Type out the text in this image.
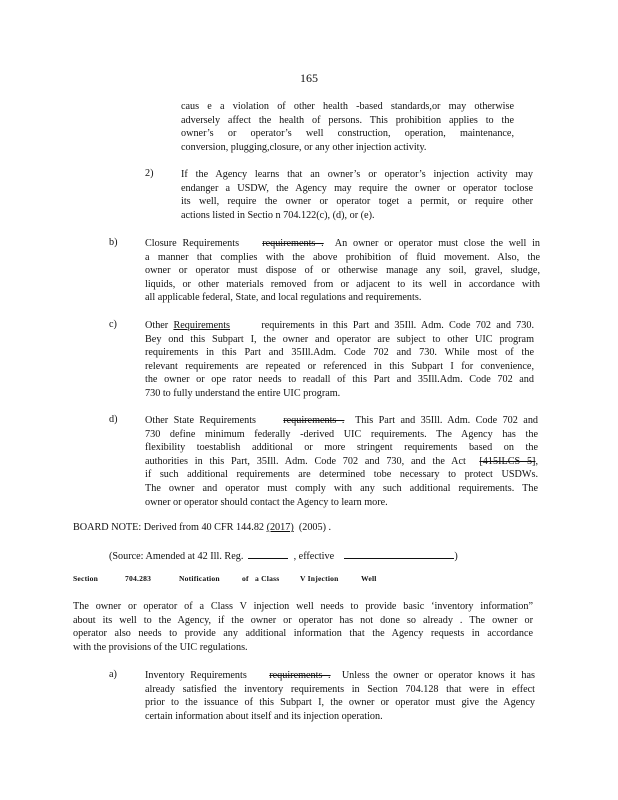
165
caus e a violation of other health -based standards,or may otherwise
adversely affect the health of persons. This prohibition applies to the
owner’s or operator’s well construction, operation, maintenance,
conversion, plugging,closure, or any other injection activity.
2)	If the Agency learns that an owner’s or operator’s injection activity may
endanger a USDW, the Agency may require the owner or operator toclose
its well, require the owner or operator toget a permit, or require other
actions listed in Sectio n 704.122(c), (d), or (e).
b)	Closure Requirements requirements . An owner or operator must close the well in
a manner that complies with the above prohibition of fluid movement. Also, the
owner or operator must dispose of or otherwise manage any soil, gravel, sludge,
liquids, or other materials removed from or adjacent to its well in accordance with
all applicable federal, State, and local regulations and requirements.
c)	Other Requirements	requirements in this Part and 35Ill. Adm. Code 702 and 730.
Bey ond this Subpart I, the owner and operator are subject to other UIC program
requirements in this Part and 35Ill.Adm. Code 702 and 730. While most of the
relevant requirements are repeated or referenced in this Subpart I for convenience,
the owner or ope rator needs to readall of this Part and 35Ill.Adm. Code 702 and
730 to fully understand the entire UIC program.
d)	Other State Requirements	requirements . This Part and 35Ill. Adm. Code 702 and
730 define minimum federally -derived UIC requirements. The Agency has the
flexibility toestablish additional or more stringent requirements based on the
authorities in this Part, 35Ill. Adm. Code 702 and 730, and the Act [415ILCS 5],
if such additional requirements are determined tobe necessary to protect USDWs.
The owner and operator must comply with any such additional requirements. The
owner or operator should contact the Agency to learn more.
BOARD NOTE: Derived from 40 CFR 144.82 (2017) (2005) .
(Source: Amended at 42 Ill. Reg.	, effective	)
Section	704.283	Notification	of a Class	V Injection	Well
The owner or operator of a Class V injection well needs to provide basic ‘inventory information”
about its well to the Agency, if the owner or operator has not done so already . The owner or
operator also needs to provide any additional information that the Agency requests in accordance
with the provisions of the UIC regulations.
a)	Inventory Requirements requirements . Unless the owner or operator knows it has
already satisfied the inventory requirements in Section 704.128 that were in effect
prior to the issuance of this Subpart I, the owner or operator must give the Agency
certain information about itself and its injection operation.
